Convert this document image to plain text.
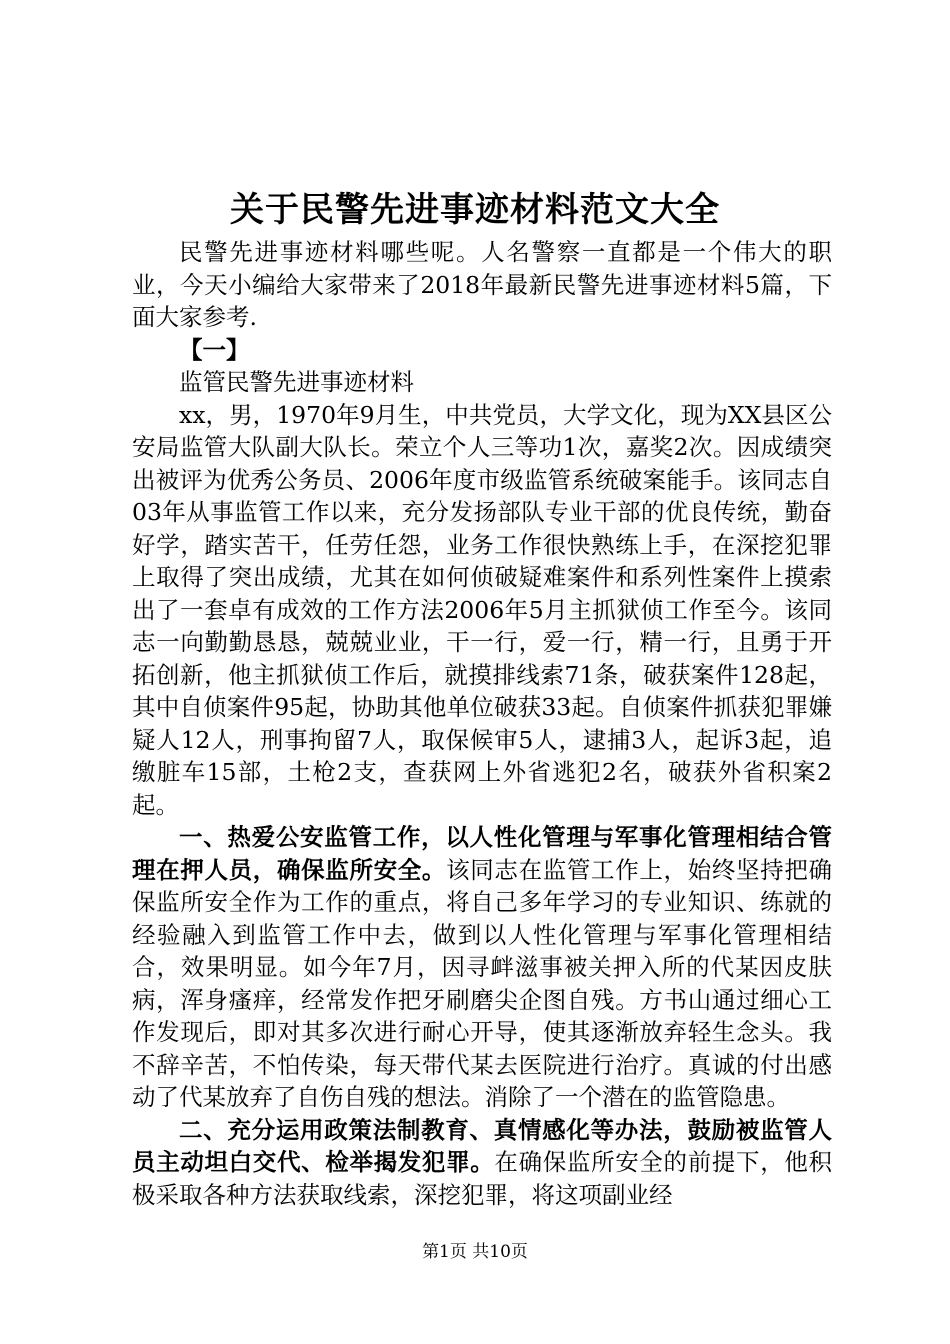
关于民警先进事迹材料范文大全

民警先进事迹材料哪些呢。人名警察一直都是一个伟大的职业，今天小编给大家带来了2018年最新民警先进事迹材料5篇，下面大家参考.

【一】

监管民警先进事迹材料

xx，男，1970年9月生，中共党员，大学文化，现为XX县区公安局监管大队副大队长。荣立个人三等功1次，嘉奖2次。因成绩突出被评为优秀公务员、2006年度市级监管系统破案能手。该同志自03年从事监管工作以来，充分发扬部队专业干部的优良传统，勤奋好学，踏实苦干，任劳任怨，业务工作很快熟练上手，在深挖犯罪上取得了突出成绩，尤其在如何侦破疑难案件和系列性案件上摸索出了一套卓有成效的工作方法2006年5月主抓狱侦工作至今。该同志一向勤勤恳恳，兢兢业业，干一行，爱一行，精一行，且勇于开拓创新，他主抓狱侦工作后，就摸排线索71条，破获案件128起，其中自侦案件95起，协助其他单位破获33起。自侦案件抓获犯罪嫌疑人12人，刑事拘留7人，取保候审5人，逮捕3人，起诉3起，追缴脏车15部，土枪2支，查获网上外省逃犯2名，破获外省积案2起。

一、热爱公安监管工作，以人性化管理与军事化管理相结合管理在押人员，确保监所安全。该同志在监管工作上，始终坚持把确保监所安全作为工作的重点，将自己多年学习的专业知识、练就的经验融入到监管工作中去，做到以人性化管理与军事化管理相结合，效果明显。如今年7月，因寻衅滋事被关押入所的代某因皮肤病，浑身瘙痒，经常发作把牙刷磨尖企图自残。方书山通过细心工作发现后，即对其多次进行耐心开导，使其逐渐放弃轻生念头。我不辞辛苦，不怕传染，每天带代某去医院进行治疗。真诚的付出感动了代某放弃了自伤自残的想法。消除了一个潜在的监管隐患。

二、充分运用政策法制教育、真情感化等办法，鼓励被监管人员主动坦白交代、检举揭发犯罪。在确保监所安全的前提下，他积极采取各种方法获取线索，深挖犯罪，将这项副业经

第1页 共10页
